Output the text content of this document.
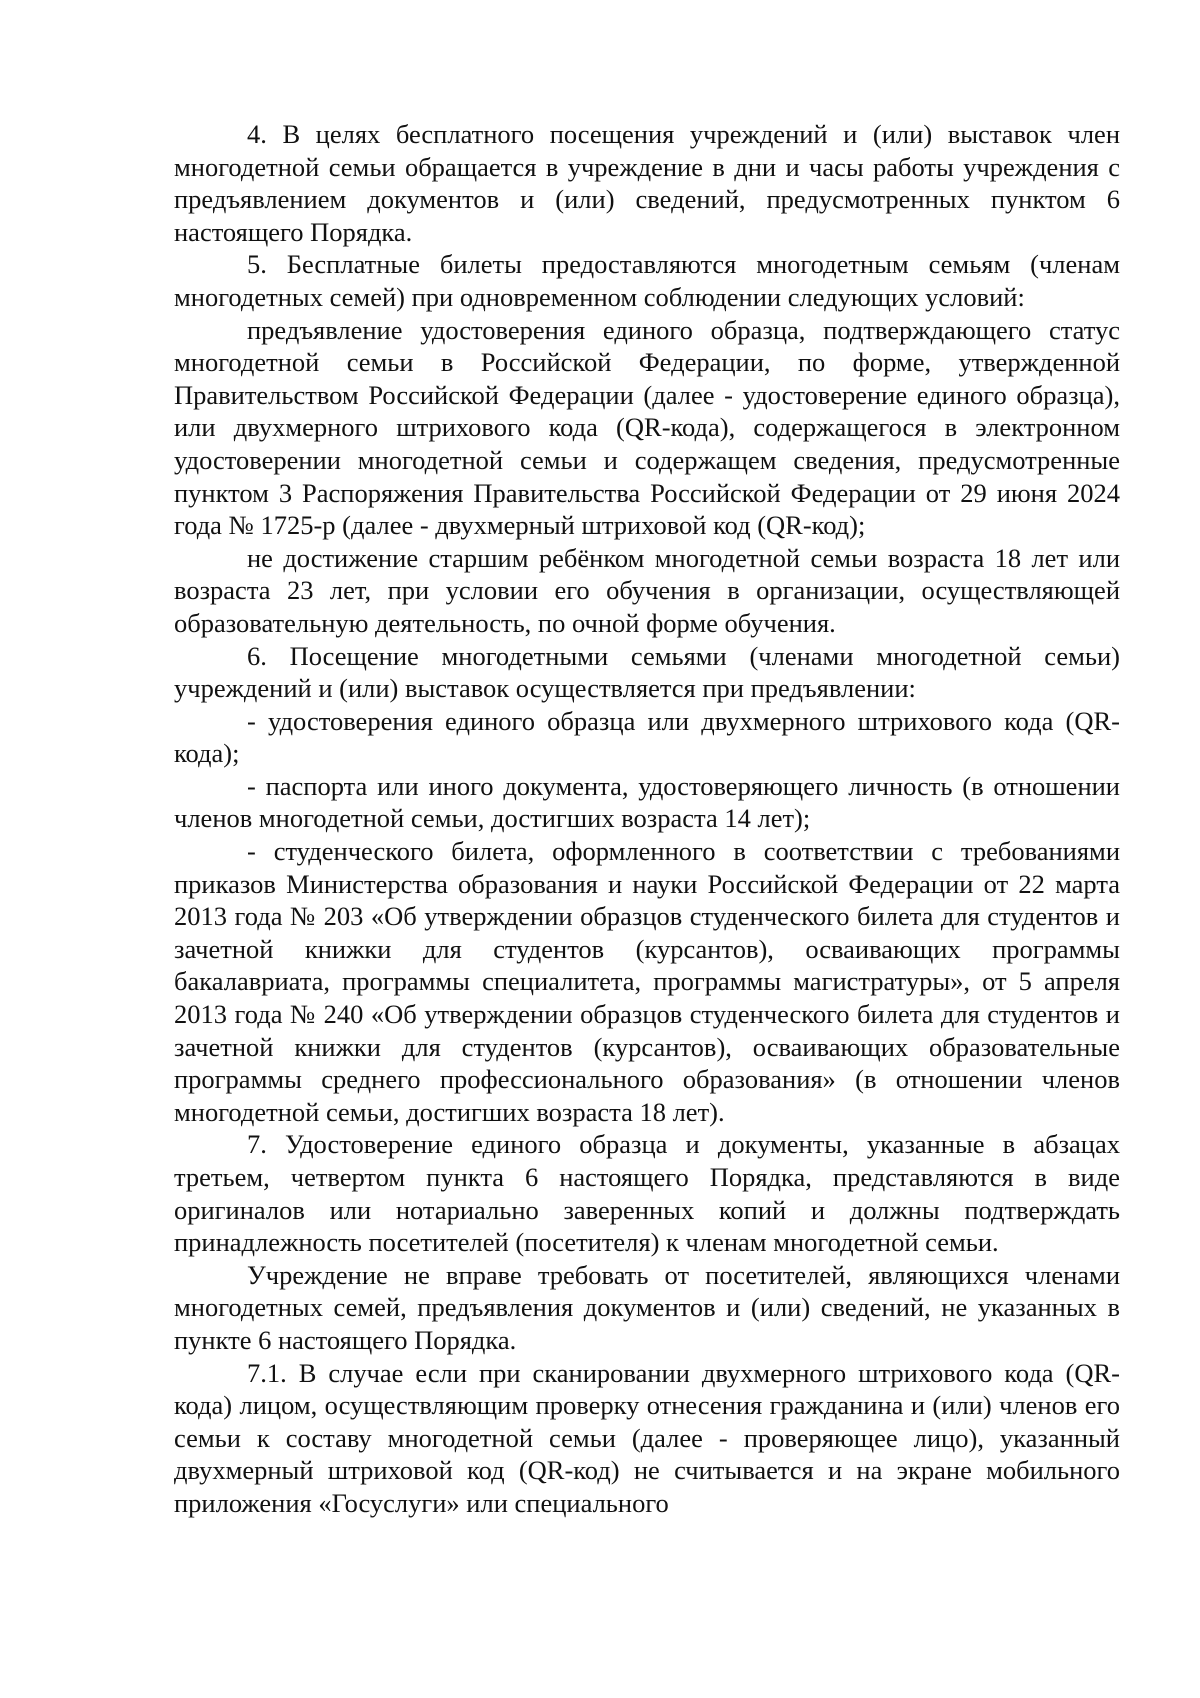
4. В целях бесплатного посещения учреждений и (или) выставок член многодетной семьи обращается в учреждение в дни и часы работы учреждения с предъявлением документов и (или) сведений, предусмотренных пунктом 6 настоящего Порядка.

5. Бесплатные билеты предоставляются многодетным семьям (членам многодетных семей) при одновременном соблюдении следующих условий:

предъявление удостоверения единого образца, подтверждающего статус многодетной семьи в Российской Федерации, по форме, утвержденной Правительством Российской Федерации (далее - удостоверение единого образца), или двухмерного штрихового кода (QR-кода), содержащегося в электронном удостоверении многодетной семьи и содержащем сведения, предусмотренные пунктом 3 Распоряжения Правительства Российской Федерации от 29 июня 2024 года № 1725-р (далее - двухмерный штриховой код (QR-код);

не достижение старшим ребёнком многодетной семьи возраста 18 лет или возраста 23 лет, при условии его обучения в организации, осуществляющей образовательную деятельность, по очной форме обучения.

6. Посещение многодетными семьями (членами многодетной семьи) учреждений и (или) выставок осуществляется при предъявлении:

- удостоверения единого образца или двухмерного штрихового кода (QR-кода);

- паспорта или иного документа, удостоверяющего личность (в отношении членов многодетной семьи, достигших возраста 14 лет);

- студенческого билета, оформленного в соответствии с требованиями приказов Министерства образования и науки Российской Федерации от 22 марта 2013 года № 203 «Об утверждении образцов студенческого билета для студентов и зачетной книжки для студентов (курсантов), осваивающих программы бакалавриата, программы специалитета, программы магистратуры», от 5 апреля 2013 года № 240 «Об утверждении образцов студенческого билета для студентов и зачетной книжки для студентов (курсантов), осваивающих образовательные программы среднего профессионального образования» (в отношении членов многодетной семьи, достигших возраста 18 лет).

7. Удостоверение единого образца и документы, указанные в абзацах третьем, четвертом пункта 6 настоящего Порядка, представляются в виде оригиналов или нотариально заверенных копий и должны подтверждать принадлежность посетителей (посетителя) к членам многодетной семьи.

Учреждение не вправе требовать от посетителей, являющихся членами многодетных семей, предъявления документов и (или) сведений, не указанных в пункте 6 настоящего Порядка.

7.1. В случае если при сканировании двухмерного штрихового кода (QR-кода) лицом, осуществляющим проверку отнесения гражданина и (или) членов его семьи к составу многодетной семьи (далее - проверяющее лицо), указанный двухмерный штриховой код (QR-код) не считывается и на экране мобильного приложения «Госуслуги» или специального
